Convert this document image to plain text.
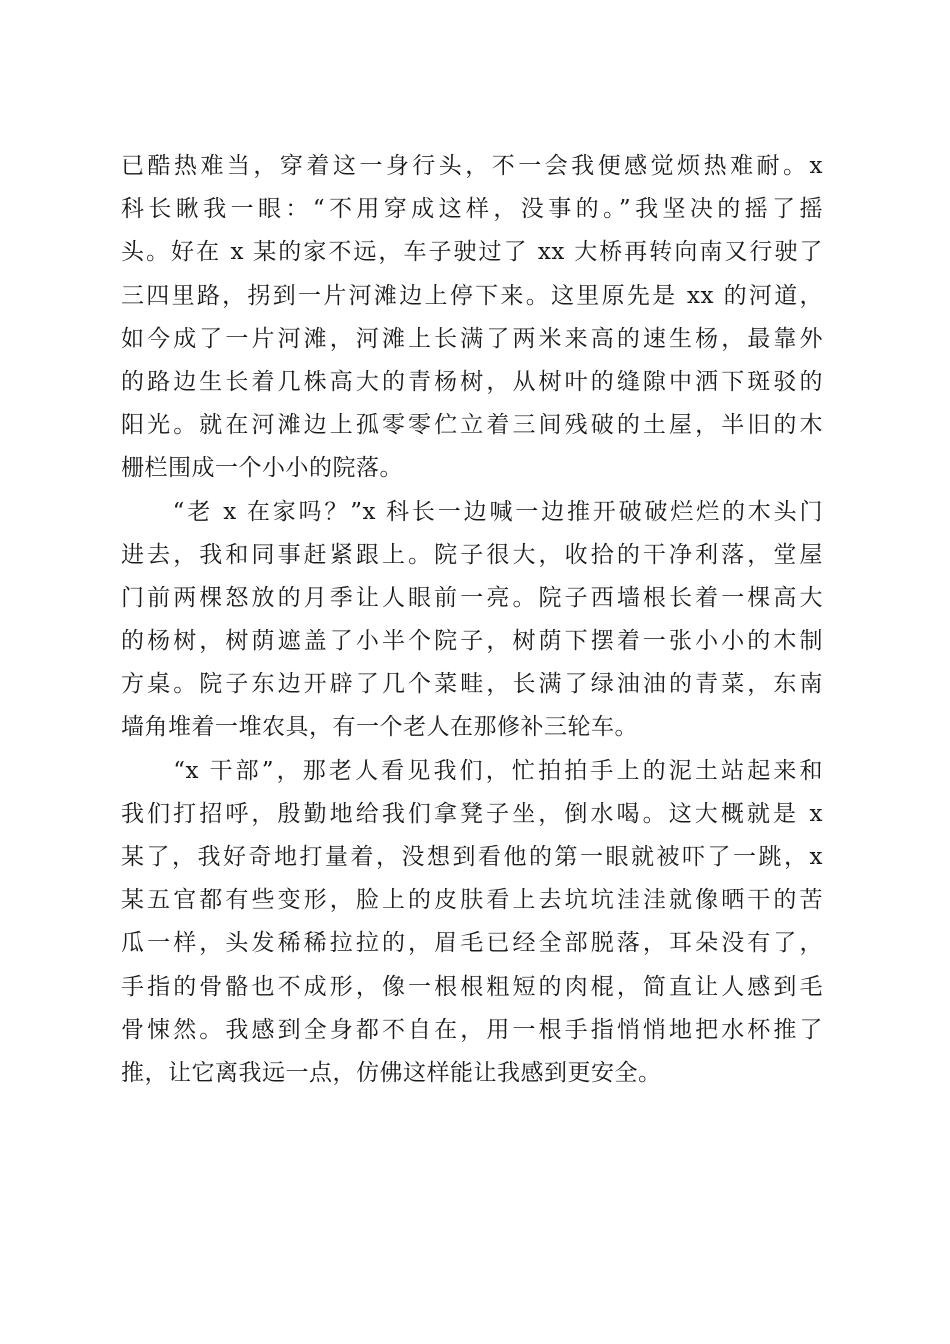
已酷热难当，穿着这一身行头，不一会我便感觉烦热难耐。x
科长瞅我一眼：“不用穿成这样，没事的。”我坚决的摇了摇
头。好在 x 某的家不远，车子驶过了 xx 大桥再转向南又行驶了
三四里路，拐到一片河滩边上停下来。这里原先是 xx 的河道，
如今成了一片河滩，河滩上长满了两米来高的速生杨，最靠外
的路边生长着几株高大的青杨树，从树叶的缝隙中洒下斑驳的
阳光。就在河滩边上孤零零伫立着三间残破的土屋，半旧的木
栅栏围成一个小小的院落。
　　“老 x 在家吗？”x 科长一边喊一边推开破破烂烂的木头门
进去，我和同事赶紧跟上。院子很大，收拾的干净利落，堂屋
门前两棵怒放的月季让人眼前一亮。院子西墙根长着一棵高大
的杨树，树荫遮盖了小半个院子，树荫下摆着一张小小的木制
方桌。院子东边开辟了几个菜畦，长满了绿油油的青菜，东南
墙角堆着一堆农具，有一个老人在那修补三轮车。
　　“x 干部”，那老人看见我们，忙拍拍手上的泥土站起来和
我们打招呼，殷勤地给我们拿凳子坐，倒水喝。这大概就是 x
某了，我好奇地打量着，没想到看他的第一眼就被吓了一跳，x
某五官都有些变形，脸上的皮肤看上去坑坑洼洼就像晒干的苦
瓜一样，头发稀稀拉拉的，眉毛已经全部脱落，耳朵没有了，
手指的骨骼也不成形，像一根根粗短的肉棍，简直让人感到毛
骨悚然。我感到全身都不自在，用一根手指悄悄地把水杯推了
推，让它离我远一点，仿佛这样能让我感到更安全。
